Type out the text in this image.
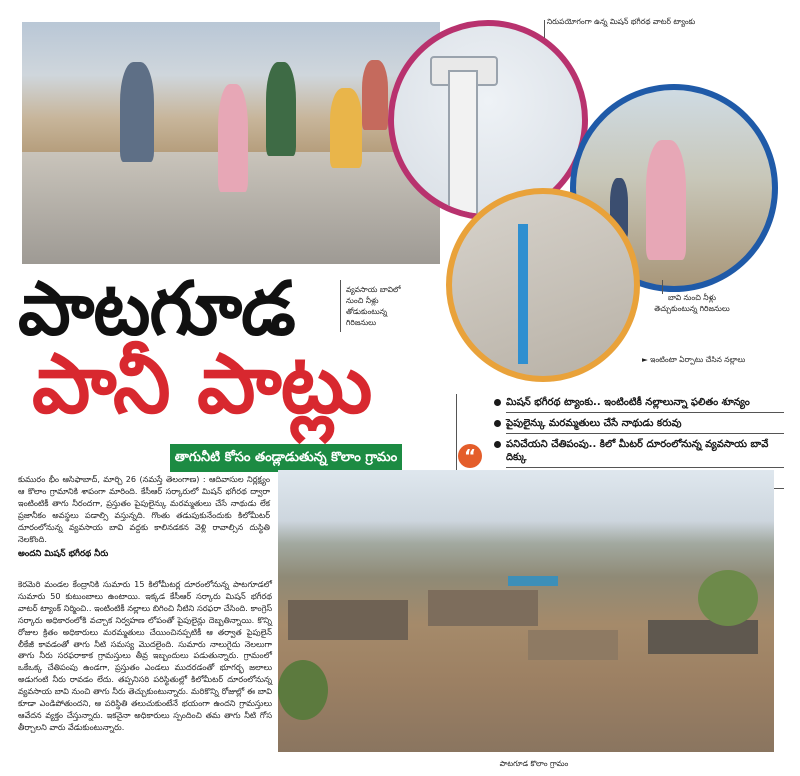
నిరుపయోగంగా ఉన్న మిషన్ భగీరథ వాటర్ ట్యాంకు
వ్యవసాయ బావిలో నుంచి నీళ్లు తోడుకుంటున్న గిరిజనులు
బావి నుంచి నీళ్లు తెచ్చుకుంటున్న గిరిజనులు
► ఇంటింటా ఏర్పాటు చేసిన నల్లాలు
పాటగూడ
పానీ పాట్లు
తాగునీటి కోసం తండ్లాడుతున్న కొలాం గ్రామం	“
మిషన్ భగీరథ ట్యాంకు.. ఇంటింటికీ నల్లాలున్నా ఫలితం శూన్యం
పైపులైన్కు మరమ్మతులు చేసే నాథుడు కరువు
పనిచేయని చేతిపంపు.. కిలో మీటర్ దూరంలోనున్న వ్యవసాయ బావే దిక్కు

కుమురం భీం ఆసిఫాబాద్, మార్చి 26 (నమస్తే తెలంగాణ) : ఆదివాసుల నిర్లక్ష్యం ఆ కొలాం గ్రామానికి శాపంగా మారింది. కేసీఆర్ సర్కారులో మిషన్ భగీరథ ద్వారా ఇంటింటికీ తాగు నీరందగా, ప్రస్తుతం పైపులైన్కు మరమ్మతులు చేసే నాథుడు లేక ప్రజానీకం అవస్థలు పడాల్సి వస్తున్నది. గొంతు తడుపుకునేందుకు కిలోమీటర్ దూరంలోనున్న వ్యవసాయ బావి వద్దకు కాలినడకన వెళ్లి రావాల్సిన దుస్థితి నెలకొంది.

అందని మిషన్ భగీరథ నీరు

కెరమెరి మండల కేంద్రానికి సుమారు 15 కిలోమీటర్ల దూరంలోనున్న పాటగూడలో సుమారు 50 కుటుంబాలు ఉంటాయి. ఇక్కడ కేసీఆర్ సర్కారు మిషన్ భగీరథ వాటర్ ట్యాంక్ నిర్మించి.. ఇంటింటికీ నల్లాలు బిగించి నీటిని సరఫరా చేసింది. కాంగ్రెస్ సర్కారు అధికారంలోకి వచ్చాక నిర్వహణ లోపంతో పైపులైన్లు దెబ్బతిన్నాయి. కొన్ని రోజుల క్రితం అధికారులు మరమ్మతులు చేయించినప్పటికీ ఆ తర్వాత పైపులైన్ లీకేజీ కావడంతో తాగు నీటి సమస్య మొదలైంది. సుమారు నాలుగైదు నెలలుగా తాగు నీరు సరఫరాకాక గ్రామస్తులు తీవ్ర ఇబ్బందులు పడుతున్నారు. గ్రామంలో ఒకేఒక్క చేతిపంపు ఉండగా, ప్రస్తుతం ఎండలు ముదరడంతో భూగర్భ జలాలు అడుగంటి నీరు రావడం లేదు. తప్పనిసరి పరిస్థితుల్లో కిలోమీటర్ దూరంలోనున్న వ్యవసాయ బావి నుంచి తాగు నీరు తెచ్చుకుంటున్నారు. మరికొన్ని రోజుల్లో ఈ బావి కూడా ఎండిపోతుందని, ఆ పరిస్థితి తలుచుకుంటేనే భయంగా ఉందని గ్రామస్తులు ఆవేదన వ్యక్తం చేస్తున్నారు. ఇకనైనా అధికారులు స్పందించి తమ తాగు నీటి గోస తీర్చాలని వారు వేడుకుంటున్నారు.

పాటగూడ కొలాం గ్రామం
